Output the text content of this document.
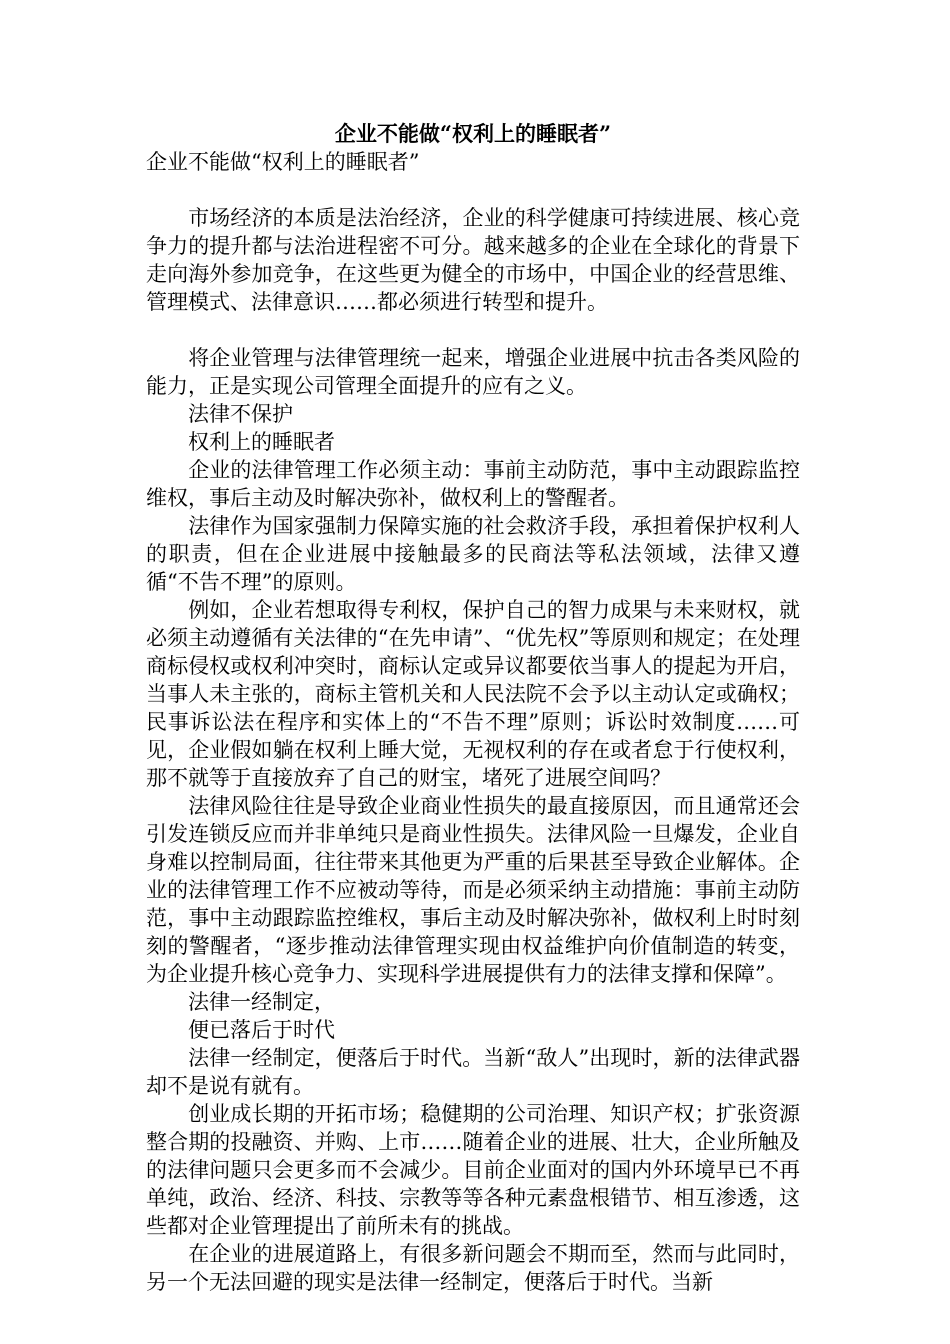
企业不能做“权利上的睡眠者”

企业不能做“权利上的睡眠者”

　　市场经济的本质是法治经济，企业的科学健康可持续进展、核心竞争力的提升都与法治进程密不可分。越来越多的企业在全球化的背景下走向海外参加竞争，在这些更为健全的市场中，中国企业的经营思维、管理模式、法律意识……都必须进行转型和提升。

　　将企业管理与法律管理统一起来，增强企业进展中抗击各类风险的能力，正是实现公司管理全面提升的应有之义。

　　法律不保护

　　权利上的睡眠者

　　企业的法律管理工作必须主动：事前主动防范，事中主动跟踪监控维权，事后主动及时解决弥补，做权利上的警醒者。

　　法律作为国家强制力保障实施的社会救济手段，承担着保护权利人的职责，但在企业进展中接触最多的民商法等私法领域，法律又遵循“不告不理”的原则。

　　例如，企业若想取得专利权，保护自己的智力成果与未来财权，就必须主动遵循有关法律的“在先申请”、“优先权”等原则和规定；在处理商标侵权或权利冲突时，商标认定或异议都要依当事人的提起为开启，当事人未主张的，商标主管机关和人民法院不会予以主动认定或确权；民事诉讼法在程序和实体上的“不告不理”原则；诉讼时效制度……可见，企业假如躺在权利上睡大觉，无视权利的存在或者怠于行使权利，那不就等于直接放弃了自己的财宝，堵死了进展空间吗？

　　法律风险往往是导致企业商业性损失的最直接原因，而且通常还会引发连锁反应而并非单纯只是商业性损失。法律风险一旦爆发，企业自身难以控制局面，往往带来其他更为严重的后果甚至导致企业解体。企业的法律管理工作不应被动等待，而是必须采纳主动措施：事前主动防范，事中主动跟踪监控维权，事后主动及时解决弥补，做权利上时时刻刻的警醒者，“逐步推动法律管理实现由权益维护向价值制造的转变，为企业提升核心竞争力、实现科学进展提供有力的法律支撑和保障”。

　　法律一经制定，

　　便已落后于时代

　　法律一经制定，便落后于时代。当新“敌人”出现时，新的法律武器却不是说有就有。

　　创业成长期的开拓市场；稳健期的公司治理、知识产权；扩张资源整合期的投融资、并购、上市……随着企业的进展、壮大，企业所触及的法律问题只会更多而不会减少。目前企业面对的国内外环境早已不再单纯，政治、经济、科技、宗教等等各种元素盘根错节、相互渗透，这些都对企业管理提出了前所未有的挑战。

　　在企业的进展道路上，有很多新问题会不期而至，然而与此同时，另一个无法回避的现实是法律一经制定，便落后于时代。当新
